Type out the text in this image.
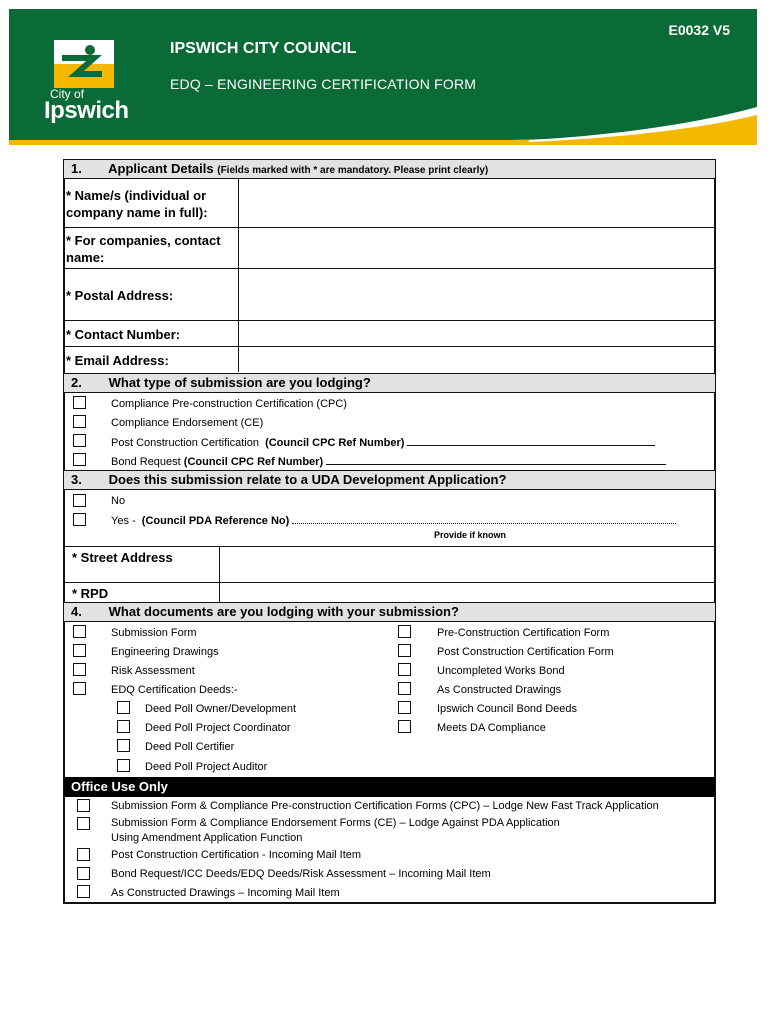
City of
Ipswich
E0032 V5
IPSWICH CITY COUNCIL
EDQ – ENGINEERING CERTIFICATION FORM
1. Applicant Details (Fields marked with * are mandatory. Please print clearly)
* Name/s (individual or company name in full):
* For companies, contact name:
* Postal Address:
* Contact Number:
* Email Address:
2. What type of submission are you lodging?
Compliance Pre-construction Certification (CPC)
Compliance Endorsement (CE)
Post Construction Certification (Council CPC Ref Number)
Bond Request (Council CPC Ref Number)
3. Does this submission relate to a UDA Development Application?
No
Yes - (Council PDA Reference No)
Provide if known
* Street Address
* RPD
4. What documents are you lodging with your submission?
Submission Form
Engineering Drawings
Risk Assessment
EDQ Certification Deeds:-
Deed Poll Owner/Development
Deed Poll Project Coordinator
Deed Poll Certifier
Deed Poll Project Auditor
Pre-Construction Certification Form
Post Construction Certification Form
Uncompleted Works Bond
As Constructed Drawings
Ipswich Council Bond Deeds
Meets DA Compliance
Office Use Only
Submission Form & Compliance Pre-construction Certification Forms (CPC) – Lodge New Fast Track Application
Submission Form & Compliance Endorsement Forms (CE) – Lodge Against PDA Application
Using Amendment Application Function
Post Construction Certification - Incoming Mail Item
Bond Request/ICC Deeds/EDQ Deeds/Risk Assessment – Incoming Mail Item
As Constructed Drawings – Incoming Mail Item
